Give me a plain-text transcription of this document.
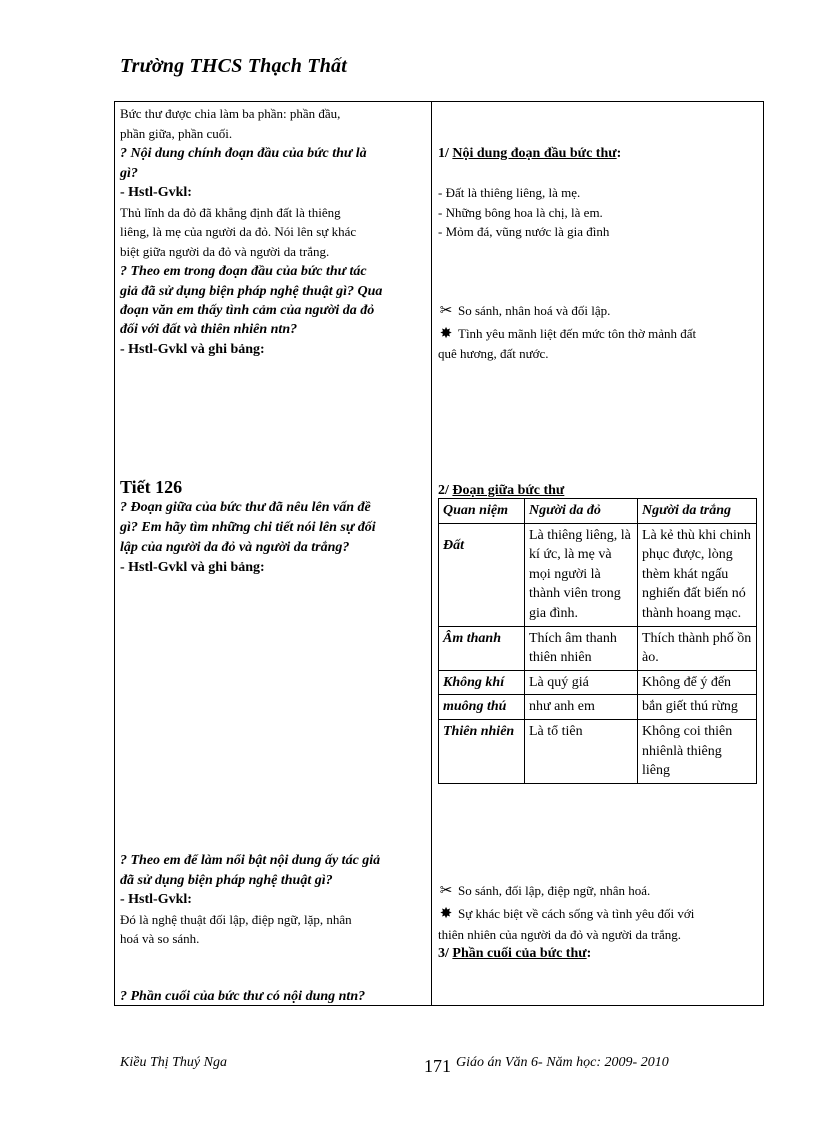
Trường THCS Thạch Thất
Bức thư được chia làm ba phần: phần đầu,
phần giữa, phần cuối.
? Nội dung chính đoạn đầu của bức thư là
gì?
- Hstl-Gvkl:
Thủ lĩnh da đỏ đã khẳng định đất là thiêng
liêng, là mẹ của người da đỏ. Nói lên sự khác
biệt giữa người da đỏ và người da trắng.
? Theo em trong đoạn đầu của bức thư tác
giả đã sử dụng biện pháp nghệ thuật gì? Qua
đoạn văn em thấy tình cảm của người da đỏ
đối với đất và thiên nhiên ntn?
- Hstl-Gvkl và ghi bảng:
Tiết 126
? Đoạn giữa của bức thư đã nêu lên vấn đề
gì? Em hãy tìm những chi tiết nói lên sự đối
lập của người da đỏ và người da trắng?
- Hstl-Gvkl và ghi bảng:
? Theo em để làm nổi bật nội dung ấy tác giả
đã sử dụng biện pháp nghệ thuật gì?
- Hstl-Gvkl:
Đó là nghệ thuật đối lập, điệp ngữ, lặp, nhân
hoá và so sánh.
? Phần cuối của bức thư có nội dung ntn?
1/ Nội dung đoạn đầu bức thư:
- Đất là thiêng liêng, là mẹ.
- Những bông hoa là chị, là em.
- Mỏm đá, vũng nước là gia đình
✂ So sánh, nhân hoá và đối lập.
✸ Tình yêu mãnh liệt đến mức tôn thờ mảnh đất
quê hương, đất nước.
2/ Đoạn giữa bức thư
Quan niệm	Người da đỏ	Người da trắng
Đất	Là thiêng liêng, là kí ức, là mẹ và mọi người là thành viên trong gia đình.	Là kẻ thù khi chinh phục được, lòng thèm khát ngấu nghiến đất biến nó thành hoang mạc.
Âm thanh	Thích âm thanh thiên nhiên	Thích thành phố ồn ào.
Không khí	Là quý giá	Không để ý đến
muông thú	như anh em	bắn giết thú rừng
Thiên nhiên	Là tổ tiên	Không coi thiên nhiênlà thiêng liêng
✂ So sánh, đối lập, điệp ngữ, nhân hoá.
✸ Sự khác biệt về cách sống và tình yêu đối với
thiên nhiên của người da đỏ và người da trắng.
3/ Phần cuối của bức thư:
Kiều Thị Thuý Nga	171 Giáo án Văn 6- Năm học: 2009- 2010
